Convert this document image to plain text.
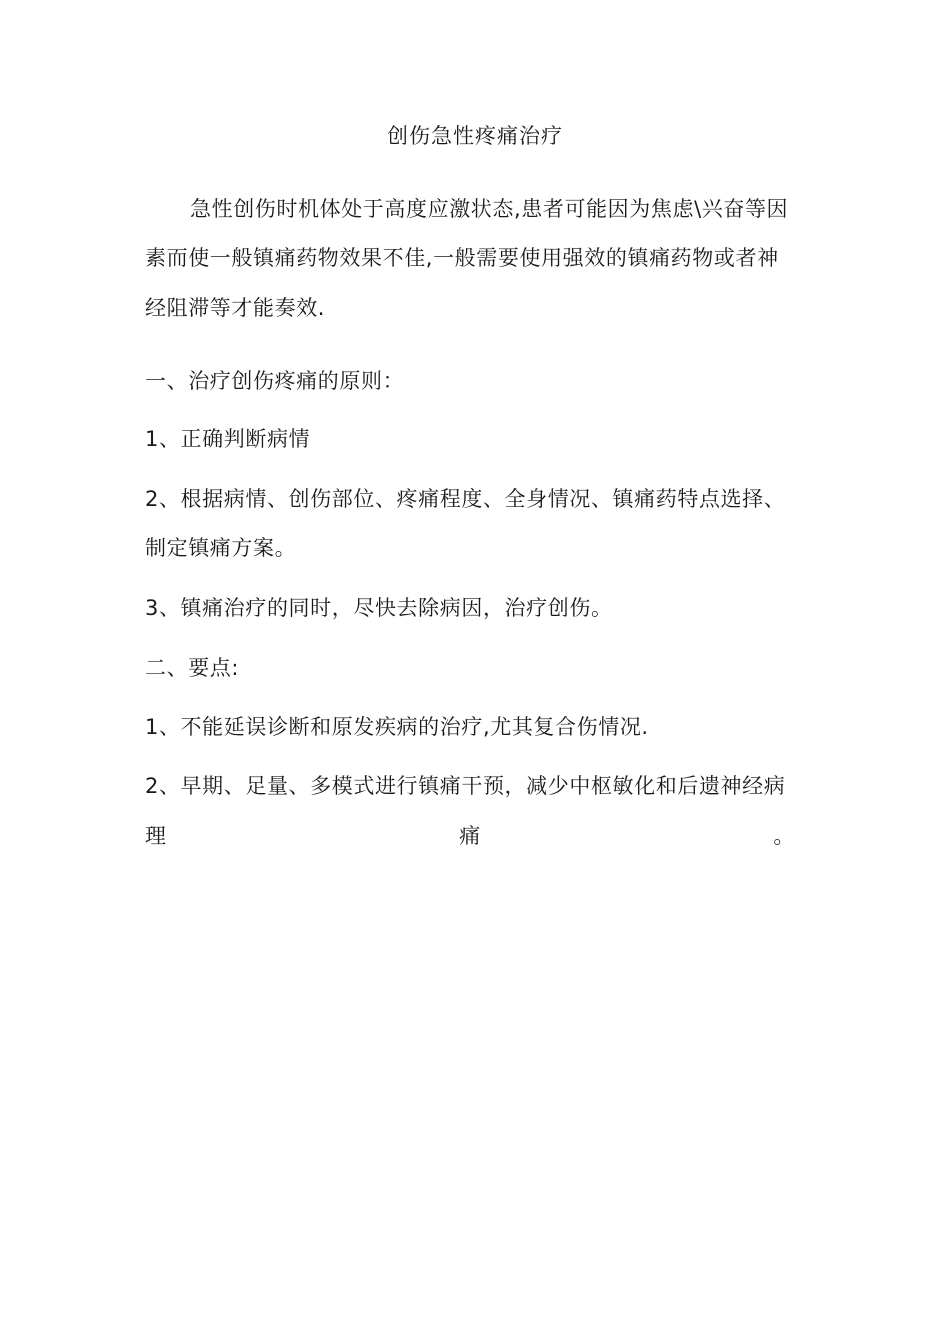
创伤急性疼痛治疗
急性创伤时机体处于高度应激状态,患者可能因为焦虑\兴奋等因
素而使一般镇痛药物效果不佳,一般需要使用强效的镇痛药物或者神
经阻滞等才能奏效.
一、治疗创伤疼痛的原则：
1、正确判断病情
2、根据病情、创伤部位、疼痛程度、全身情况、镇痛药特点选择、
制定镇痛方案。
3、镇痛治疗的同时，尽快去除病因，治疗创伤。
二、要点:
1、不能延误诊断和原发疾病的治疗,尤其复合伤情况.
2、早期、足量、多模式进行镇痛干预，减少中枢敏化和后遗神经病
理	痛	。
